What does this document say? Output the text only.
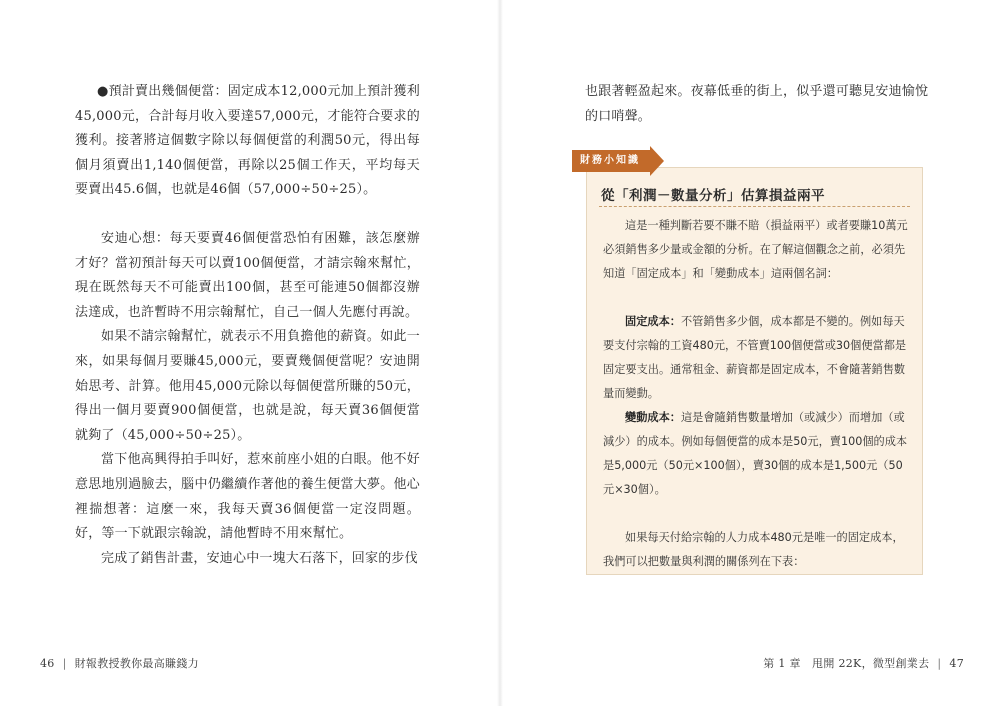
●預計賣出幾個便當：固定成本12,000元加上預計獲利45,000元，合計每月收入要達57,000元，才能符合要求的獲利。接著將這個數字除以每個便當的利潤50元，得出每個月須賣出1,140個便當，再除以25個工作天，平均每天要賣出45.6個，也就是46個（57,000÷50÷25）。

安迪心想：每天要賣46個便當恐怕有困難，該怎麼辦才好？當初預計每天可以賣100個便當，才請宗翰來幫忙，現在既然每天不可能賣出100個，甚至可能連50個都沒辦法達成，也許暫時不用宗翰幫忙，自己一個人先應付再說。

如果不請宗翰幫忙，就表示不用負擔他的薪資。如此一來，如果每個月要賺45,000元，要賣幾個便當呢？安迪開始思考、計算。他用45,000元除以每個便當所賺的50元，得出一個月要賣900個便當，也就是說，每天賣36個便當就夠了（45,000÷50÷25）。

當下他高興得拍手叫好，惹來前座小姐的白眼。他不好意思地別過臉去，腦中仍繼續作著他的養生便當大夢。他心裡揣想著：這麼一來，我每天賣36個便當一定沒問題。好，等一下就跟宗翰說，請他暫時不用來幫忙。

完成了銷售計畫，安迪心中一塊大石落下，回家的步伐

46 | 財報教授教你最高賺錢力

也跟著輕盈起來。夜幕低垂的街上，似乎還可聽見安迪愉悅的口哨聲。

從「利潤－數量分析」估算損益兩平

這是一種判斷若要不賺不賠（損益兩平）或者要賺10萬元必須銷售多少量或金額的分析。在了解這個觀念之前，必須先知道「固定成本」和「變動成本」這兩個名詞：

固定成本：不管銷售多少個，成本都是不變的。例如每天要支付宗翰的工資480元，不管賣100個便當或30個便當都是固定要支出。通常租金、薪資都是固定成本，不會隨著銷售數量而變動。

變動成本：這是會隨銷售數量增加（或減少）而增加（或減少）的成本。例如每個便當的成本是50元，賣100個的成本是5,000元（50元×100個），賣30個的成本是1,500元（50元×30個）。

如果每天付給宗翰的人力成本480元是唯一的固定成本，我們可以把數量與利潤的關係列在下表：

財務小知識
第 1 章　甩開 22K，微型創業去 | 47
